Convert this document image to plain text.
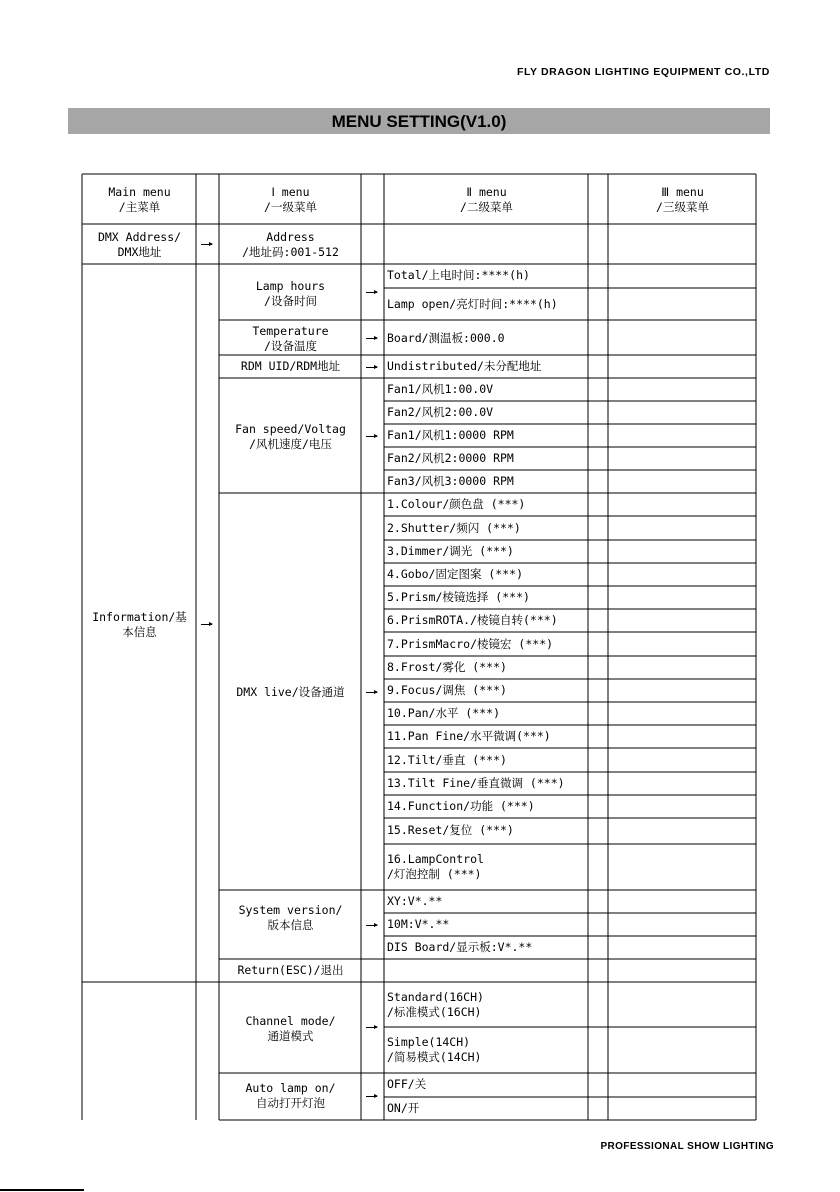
FLY DRAGON LIGHTING EQUIPMENT CO.,LTD
MENU SETTING(V1.0)
Main menu
/主菜单
Ⅰ menu
/一级菜单
Ⅱ menu
/二级菜单
Ⅲ menu
/三级菜单
DMX Address/
DMX地址
Address
/地址码:001-512
Information/基
本信息
Lamp hours
/设备时间
Total/上电时间:****(h)
Lamp open/亮灯时间:****(h)
Temperature
/设备温度
Board/测温板:000.0
RDM UID/RDM地址	Undistributed/未分配地址
Fan speed/Voltag
/风机速度/电压
Fan1/风机1:00.0V
Fan2/风机2:00.0V
Fan1/风机1:0000 RPM
Fan2/风机2:0000 RPM
Fan3/风机3:0000 RPM
DMX live/设备通道
1.Colour/颜色盘 (***)
2.Shutter/频闪 (***)
3.Dimmer/调光 (***)
4.Gobo/固定图案 (***)
5.Prism/棱镜选择 (***)
6.PrismROTA./棱镜自转(***)
7.PrismMacro/棱镜宏 (***)
8.Frost/雾化 (***)
9.Focus/调焦 (***)
10.Pan/水平 (***)
11.Pan Fine/水平微调(***)
12.Tilt/垂直 (***)
13.Tilt Fine/垂直微调 (***)
14.Function/功能 (***)
15.Reset/复位 (***)
16.LampControl
/灯泡控制 (***)
System version/
版本信息
XY:V*.**
10M:V*.**
DIS Board/显示板:V*.**
Return(ESC)/退出
Channel mode/
通道模式
Standard(16CH)
/标准模式(16CH)
Simple(14CH)
/简易模式(14CH)
Auto lamp on/
自动打开灯泡
OFF/关
ON/开
PROFESSIONAL SHOW LIGHTING
